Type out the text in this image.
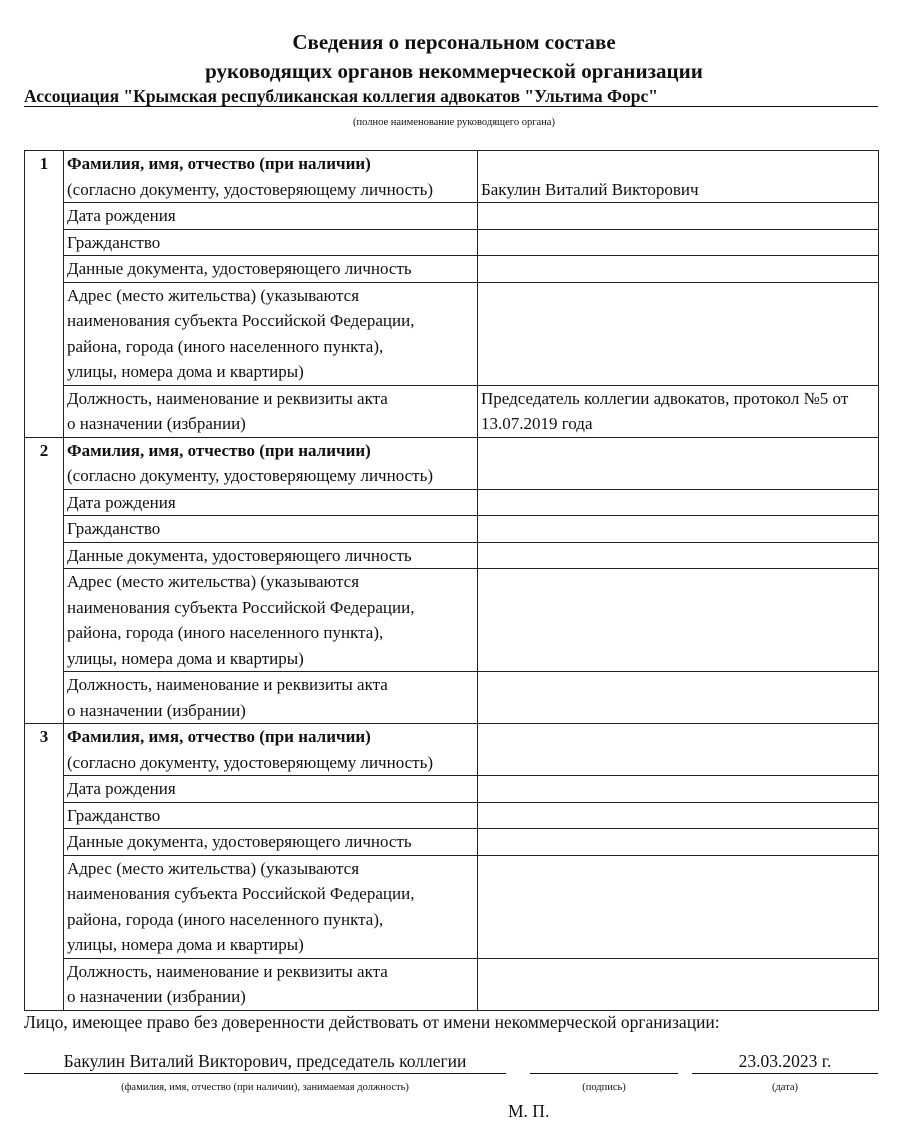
Сведения о персональном составе
руководящих органов некоммерческой организации
Ассоциация "Крымская республиканская коллегия адвокатов "Ультима Форс"
(полное наименование руководящего органа)
1	Фамилия, имя, отчество (при наличии)
(согласно документу, удостоверяющему личность)	Бакулин Виталий Викторович

	Дата рождения	

	Гражданство	

	Данные документа, удостоверяющего личность	

	Адрес (место жительства) (указываются
наименования субъекта Российской Федерации,
района, города (иного населенного пункта),
улицы, номера дома и квартиры)	

	Должность, наименование и реквизиты акта
о назначении (избрании)	Председатель коллегии адвокатов, протокол №5 от 13.07.2019 года
2	Фамилия, имя, отчество (при наличии)
(согласно документу, удостоверяющему личность)	

	Дата рождения	

	Гражданство	

	Данные документа, удостоверяющего личность	

	Адрес (место жительства) (указываются
наименования субъекта Российской Федерации,
района, города (иного населенного пункта),
улицы, номера дома и квартиры)	

	Должность, наименование и реквизиты акта
о назначении (избрании)	

3	Фамилия, имя, отчество (при наличии)
(согласно документу, удостоверяющему личность)	

	Дата рождения	

	Гражданство	

	Данные документа, удостоверяющего личность	

	Адрес (место жительства) (указываются
наименования субъекта Российской Федерации,
района, города (иного населенного пункта),
улицы, номера дома и квартиры)	

	Должность, наименование и реквизиты акта
о назначении (избрании)	

Лицо, имеющее право без доверенности действовать от имени некоммерческой организации:
Бакулин Виталий Викторович, председатель коллегии	23.03.2023 г.
(фамилия, имя, отчество (при наличии), занимаемая должность)	(подпись)	(дата)
М. П.
